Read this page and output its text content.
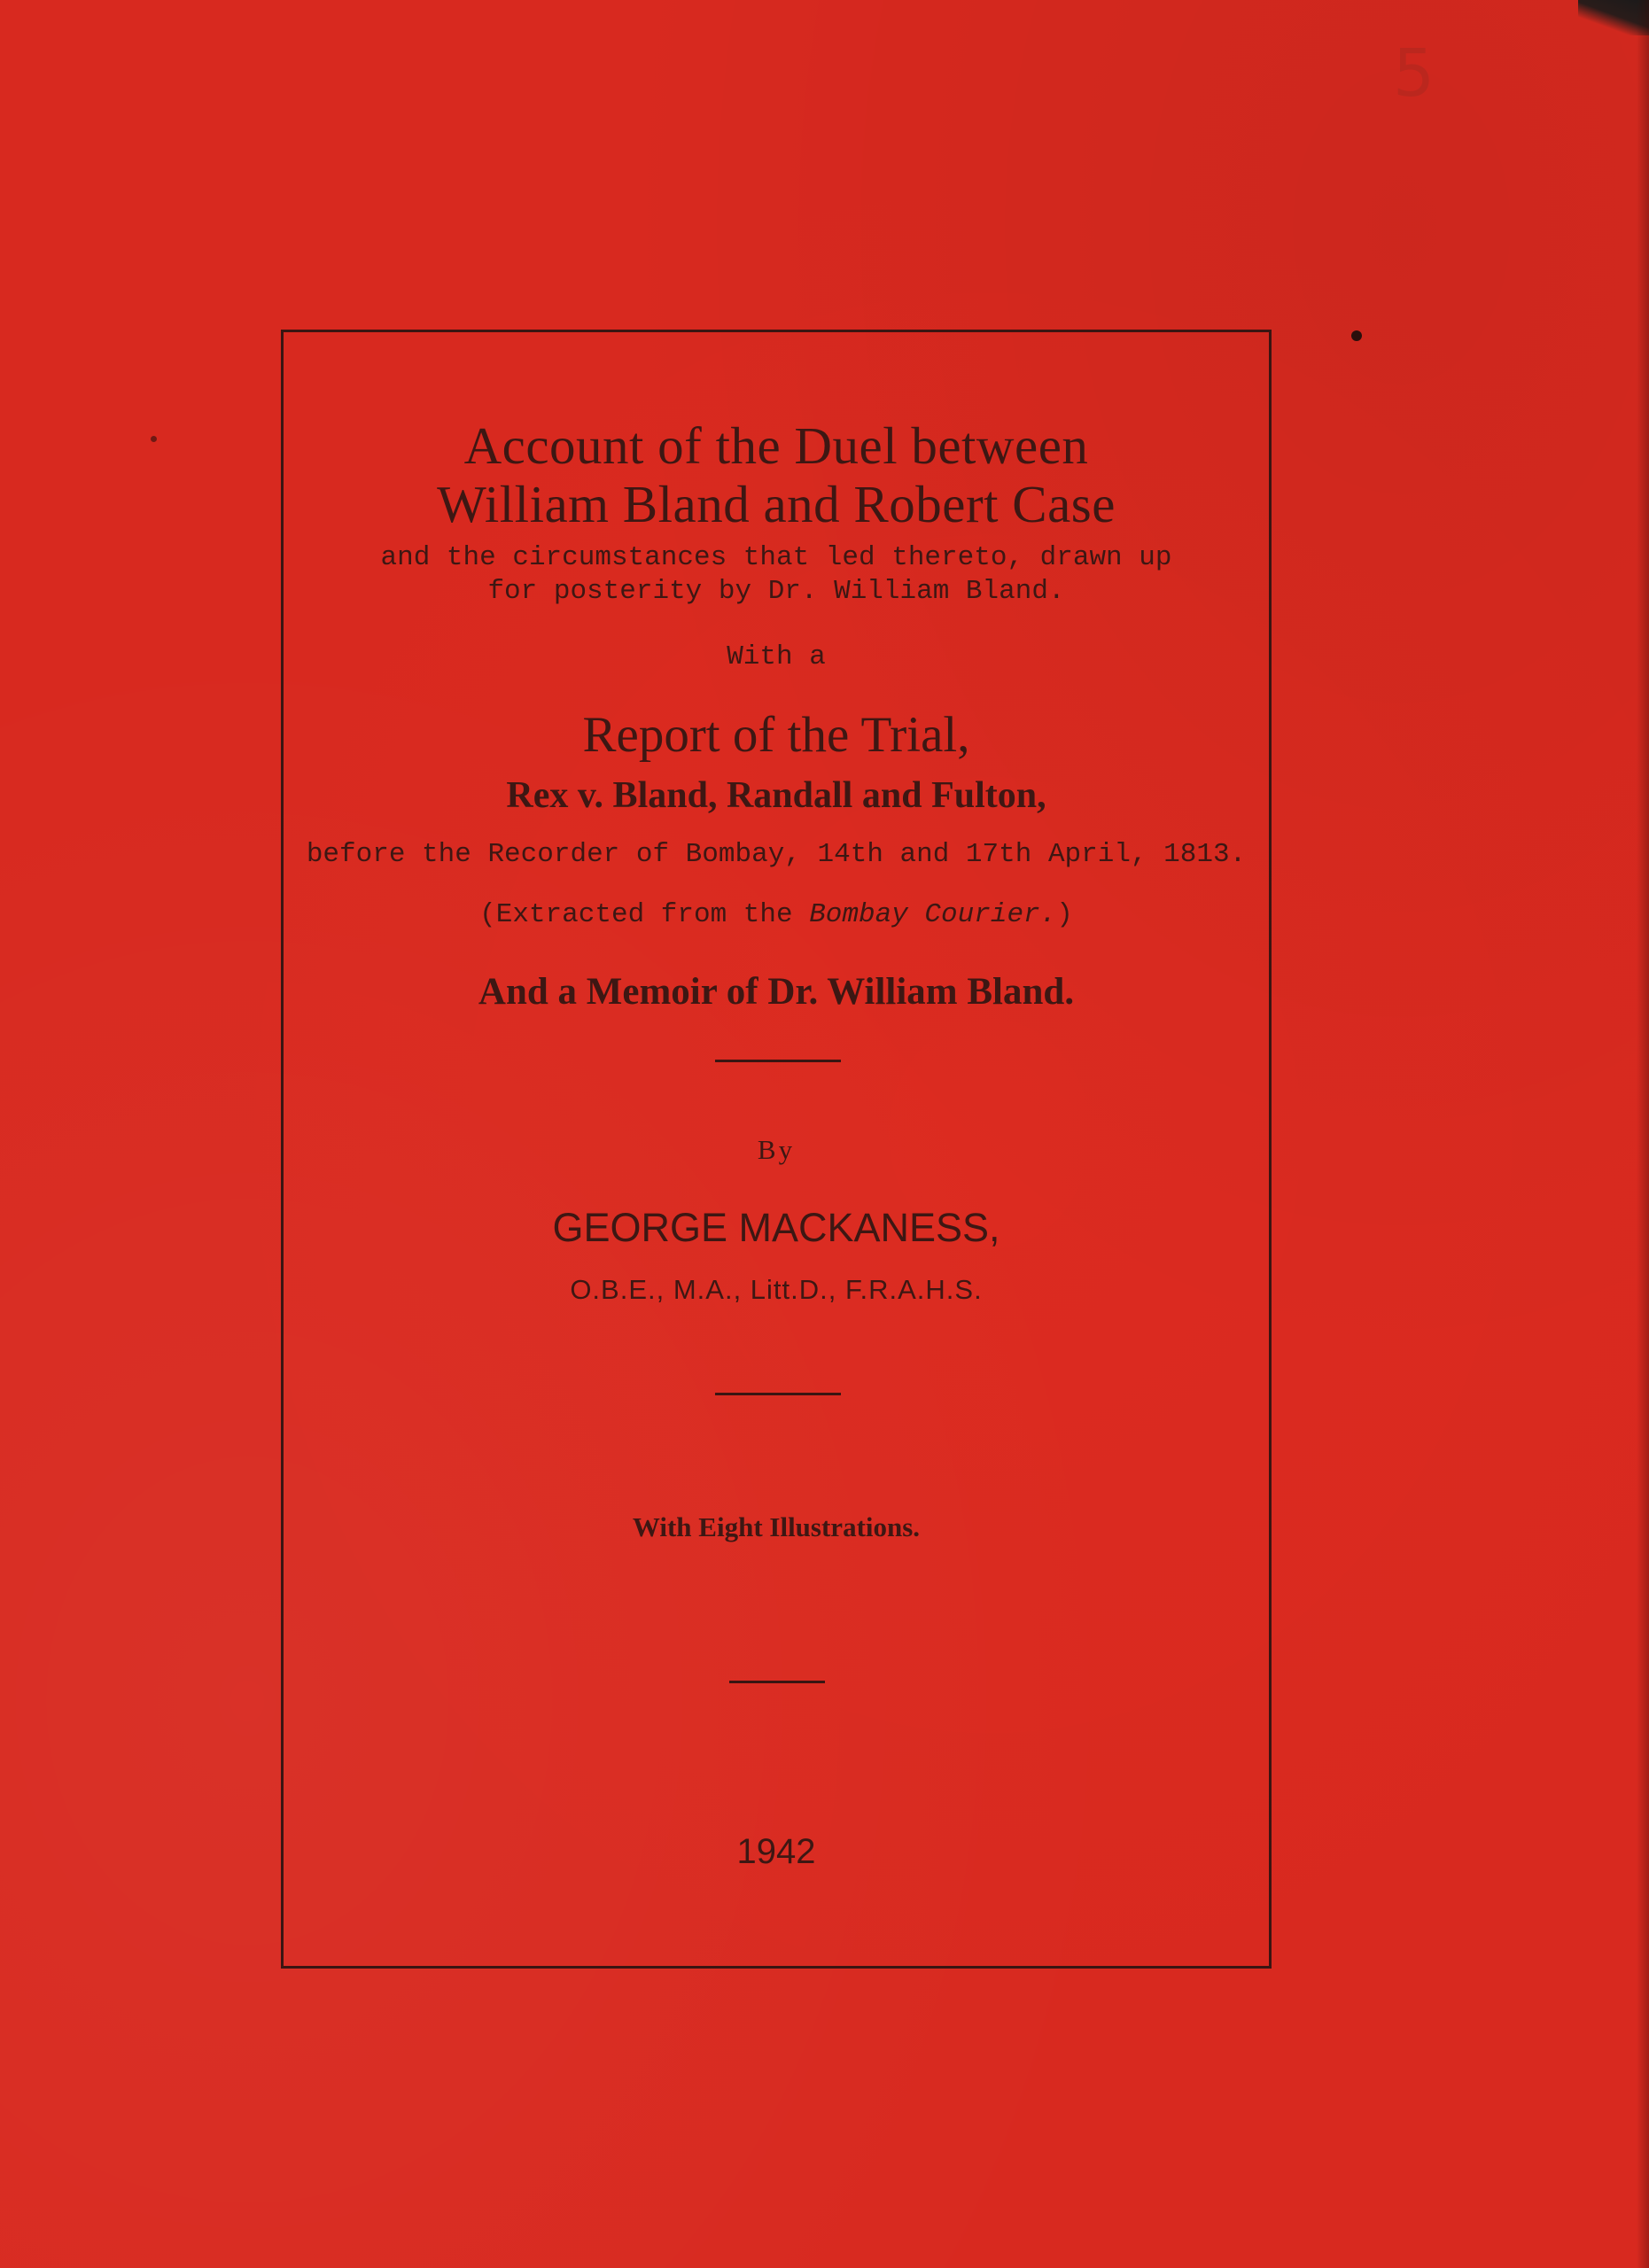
5
Account of the Duel between
William Bland and Robert Case
and the circumstances that led thereto, drawn up
for posterity by Dr. William Bland.
With a
Report of the Trial,
Rex v. Bland, Randall and Fulton,
before the Recorder of Bombay, 14th and 17th April, 1813.
(Extracted from the Bombay Courier.)
And a Memoir of Dr. William Bland.
By
GEORGE MACKANESS,
O.B.E., M.A., Litt.D., F.R.A.H.S.
With Eight Illustrations.
1942
